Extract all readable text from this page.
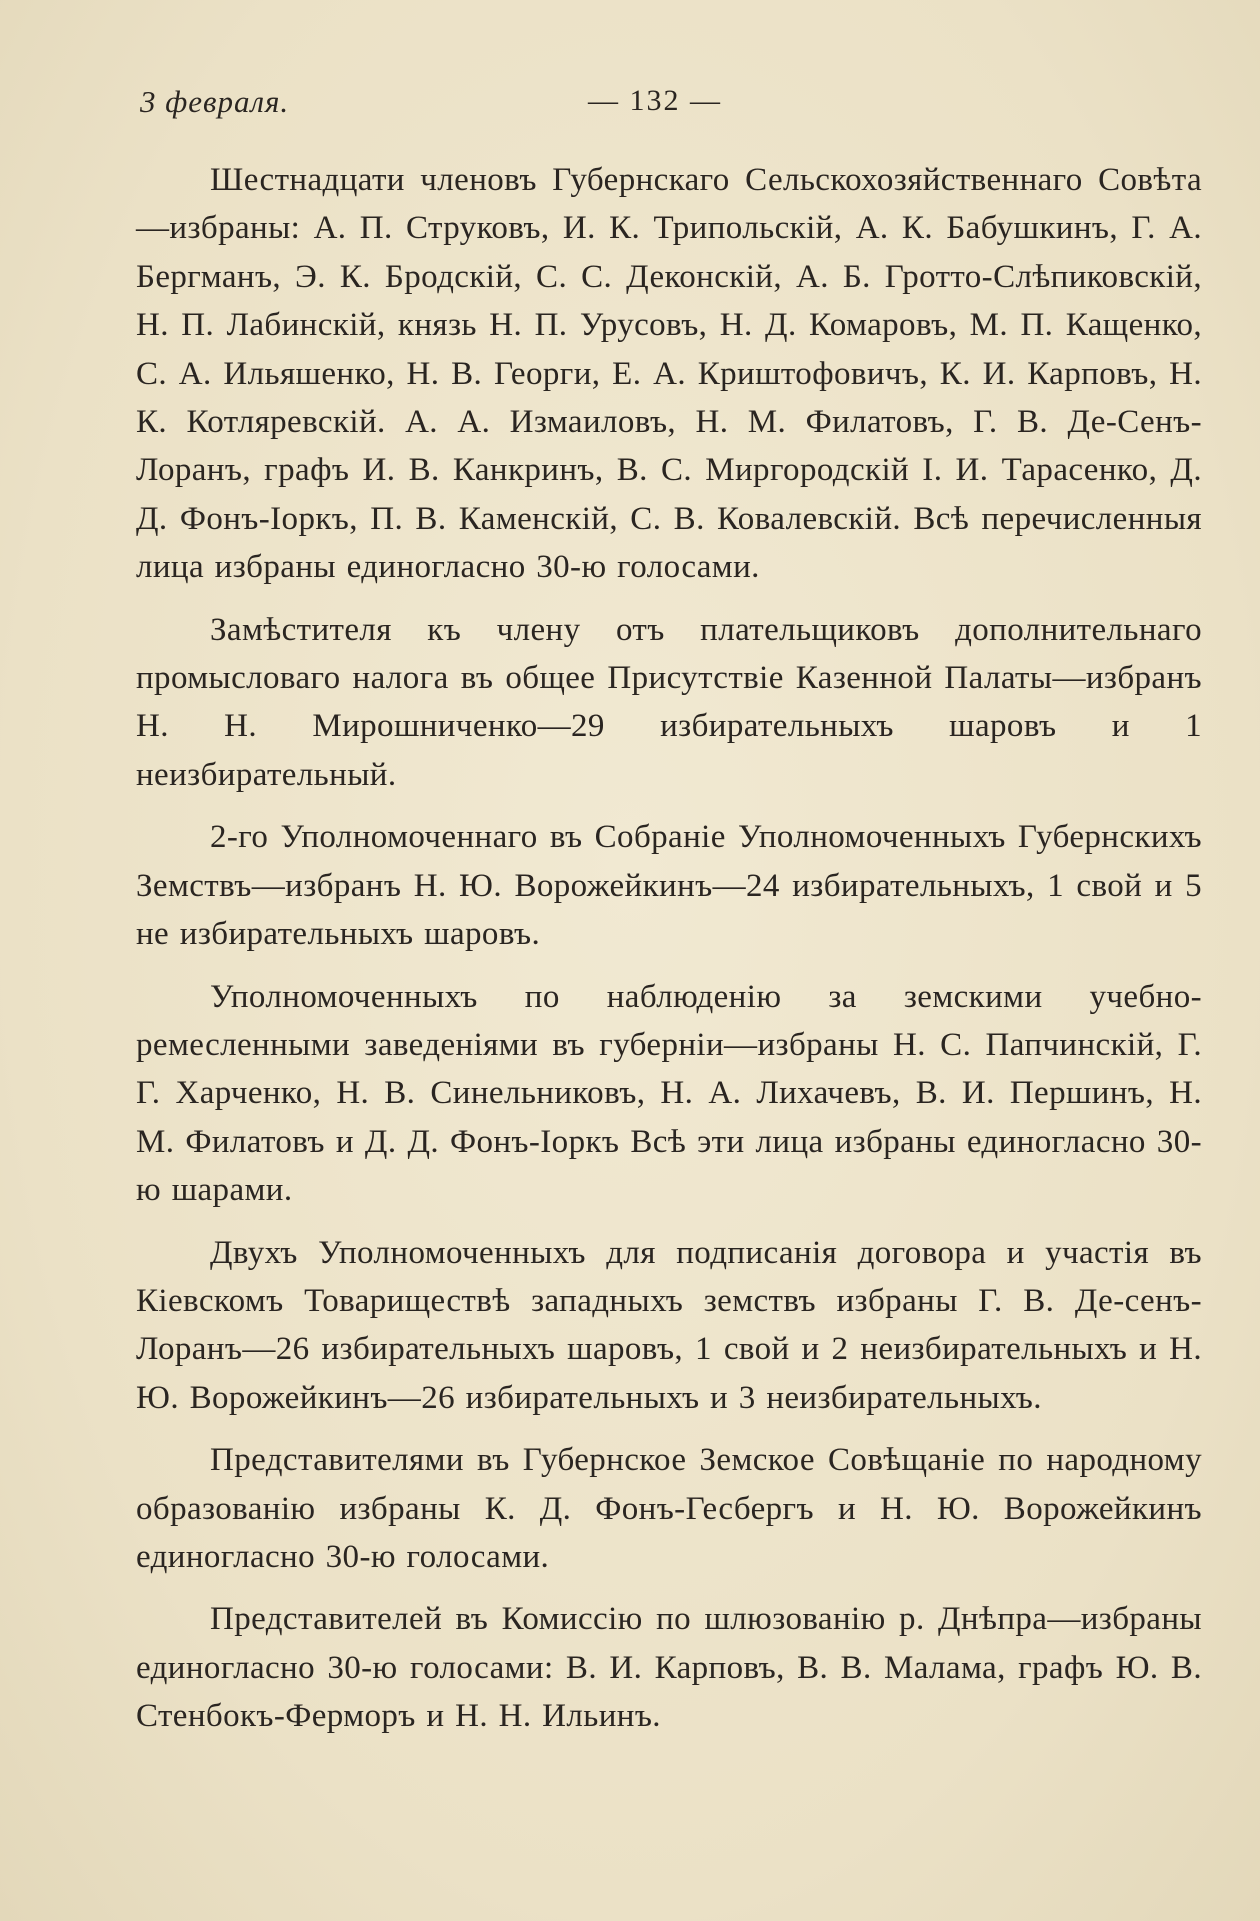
3 февраля.	— 132 —

Шестнадцати членовъ Губернскаго Сельскохозяйственнаго Совѣта—избраны: А. П. Струковъ, И. К. Трипольскій, А. К. Бабушкинъ, Г. А. Бергманъ, Э. К. Бродскій, С. С. Деконскій, А. Б. Гротто-Слѣпиковскій, Н. П. Лабинскій, князь Н. П. Урусовъ, Н. Д. Комаровъ, М. П. Кащенко, С. А. Ильяшенко, Н. В. Георги, Е. А. Криштофовичъ, К. И. Карповъ, Н. К. Котляревскій. А. А. Измаиловъ, Н. М. Филатовъ, Г. В. Де-Сенъ-Лоранъ, графъ И. В. Канкринъ, В. С. Миргородскій І. И. Тарасенко, Д. Д. Фонъ-Іоркъ, П. В. Каменскій, С. В. Ковалевскій. Всѣ перечисленныя лица избраны единогласно 30-ю голосами.

Замѣстителя къ члену отъ плательщиковъ дополнительнаго промысловаго налога въ общее Присутствіе Казенной Палаты—избранъ Н. Н. Мирошниченко—29 избирательныхъ шаровъ и 1 неизбирательный.

2-го Уполномоченнаго въ Собраніе Уполномоченныхъ Губернскихъ Земствъ—избранъ Н. Ю. Ворожейкинъ—24 избирательныхъ, 1 свой и 5 не избирательныхъ шаровъ.

Уполномоченныхъ по наблюденію за земскими учебно-ремесленными заведеніями въ губерніи—избраны Н. С. Папчинскій, Г. Г. Харченко, Н. В. Синельниковъ, Н. А. Лихачевъ, В. И. Першинъ, Н. М. Филатовъ и Д. Д. Фонъ-Іоркъ Всѣ эти лица избраны единогласно 30-ю шарами.

Двухъ Уполномоченныхъ для подписанія договора и участія въ Кіевскомъ Товариществѣ западныхъ земствъ избраны Г. В. Де-сенъ-Лоранъ—26 избирательныхъ шаровъ, 1 свой и 2 неизбирательныхъ и Н. Ю. Ворожейкинъ—26 избирательныхъ и 3 неизбирательныхъ.

Представителями въ Губернское Земское Совѣщаніе по народному образованію избраны К. Д. Фонъ-Гесбергъ и Н. Ю. Ворожейкинъ единогласно 30-ю голосами.

Представителей въ Комиссію по шлюзованію р. Днѣпра—избраны единогласно 30-ю голосами: В. И. Карповъ, В. В. Малама, графъ Ю. В. Стенбокъ-Ферморъ и Н. Н. Ильинъ.
